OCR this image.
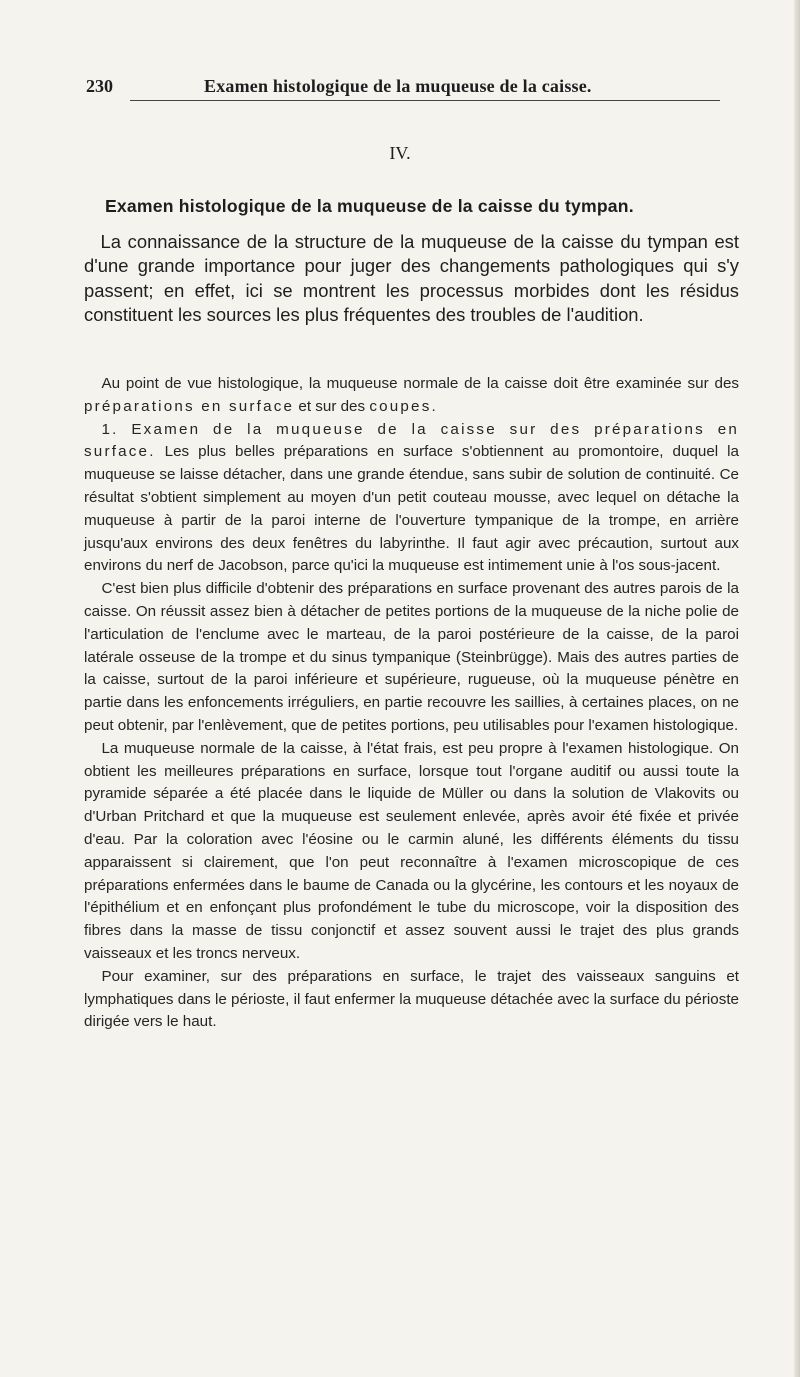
230	Examen histologique de la muqueuse de la caisse.
IV.
Examen histologique de la muqueuse de la caisse du tympan.

La connaissance de la structure de la muqueuse de la caisse du tympan est d'une grande importance pour juger des changements pathologiques qui s'y passent; en effet, ici se montrent les processus morbides dont les résidus constituent les sources les plus fréquentes des troubles de l'audition.

Au point de vue histologique, la muqueuse normale de la caisse doit être examinée sur des préparations en surface et sur des coupes.

1. Examen de la muqueuse de la caisse sur des préparations en surface. Les plus belles préparations en surface s'obtiennent au promontoire, duquel la muqueuse se laisse détacher, dans une grande étendue, sans subir de solution de continuité. Ce résultat s'obtient simplement au moyen d'un petit couteau mousse, avec lequel on détache la muqueuse à partir de la paroi interne de l'ouverture tympanique de la trompe, en arrière jusqu'aux environs des deux fenêtres du labyrinthe. Il faut agir avec précaution, surtout aux environs du nerf de Jacobson, parce qu'ici la muqueuse est intimement unie à l'os sous-jacent.

C'est bien plus difficile d'obtenir des préparations en surface provenant des autres parois de la caisse. On réussit assez bien à détacher de petites portions de la muqueuse de la niche polie de l'articulation de l'enclume avec le marteau, de la paroi postérieure de la caisse, de la paroi latérale osseuse de la trompe et du sinus tympanique (Steinbrügge). Mais des autres parties de la caisse, surtout de la paroi inférieure et supérieure, rugueuse, où la muqueuse pénètre en partie dans les enfoncements irréguliers, en partie recouvre les saillies, à certaines places, on ne peut obtenir, par l'enlèvement, que de petites portions, peu utilisables pour l'examen histologique.

La muqueuse normale de la caisse, à l'état frais, est peu propre à l'examen histologique. On obtient les meilleures préparations en surface, lorsque tout l'organe auditif ou aussi toute la pyramide séparée a été placée dans le liquide de Müller ou dans la solution de Vlakovits ou d'Urban Pritchard et que la muqueuse est seulement enlevée, après avoir été fixée et privée d'eau. Par la coloration avec l'éosine ou le carmin aluné, les différents éléments du tissu apparaissent si clairement, que l'on peut reconnaître à l'examen microscopique de ces préparations enfermées dans le baume de Canada ou la glycérine, les contours et les noyaux de l'épithélium et en enfonçant plus profondément le tube du microscope, voir la disposition des fibres dans la masse de tissu conjonctif et assez souvent aussi le trajet des plus grands vaisseaux et les troncs nerveux.

Pour examiner, sur des préparations en surface, le trajet des vaisseaux sanguins et lymphatiques dans le périoste, il faut enfermer la muqueuse détachée avec la surface du périoste dirigée vers le haut.
